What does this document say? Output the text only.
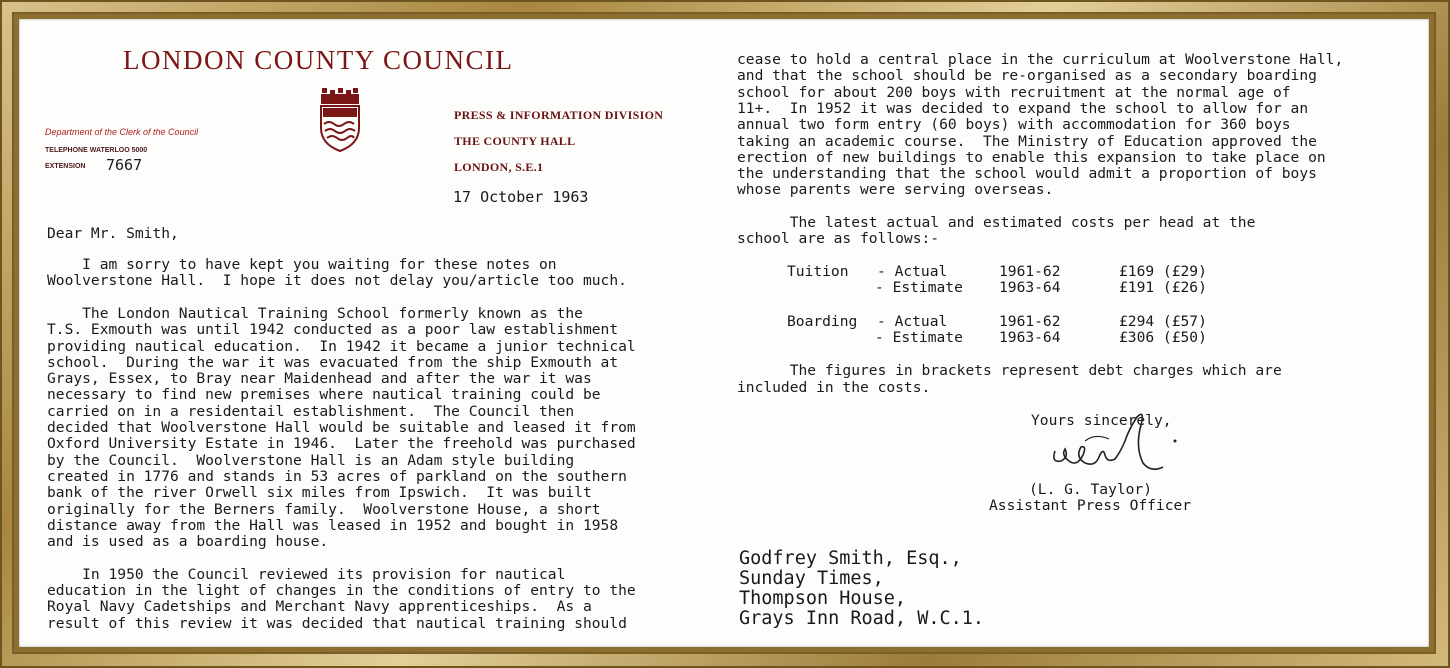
LONDON COUNTY COUNCIL
Department of the Clerk of the Council
TELEPHONE WATERLOO 5000
EXTENSION 7667
PRESS & INFORMATION DIVISION
THE COUNTY HALL
LONDON, S.E.1
17 October 1963
Dear Mr. Smith,
I am sorry to have kept you waiting for these notes on
Woolverstone Hall.  I hope it does not delay you/article too much.
The London Nautical Training School formerly known as the
T.S. Exmouth was until 1942 conducted as a poor law establishment
providing nautical education.  In 1942 it became a junior technical
school.  During the war it was evacuated from the ship Exmouth at
Grays, Essex, to Bray near Maidenhead and after the war it was
necessary to find new premises where nautical training could be
carried on in a residentail establishment.  The Council then
decided that Woolverstone Hall would be suitable and leased it from
Oxford University Estate in 1946.  Later the freehold was purchased
by the Council.  Woolverstone Hall is an Adam style building
created in 1776 and stands in 53 acres of parkland on the southern
bank of the river Orwell six miles from Ipswich.  It was built
originally for the Berners family.  Woolverstone House, a short
distance away from the Hall was leased in 1952 and bought in 1958
and is used as a boarding house.
In 1950 the Council reviewed its provision for nautical
education in the light of changes in the conditions of entry to the
Royal Navy Cadetships and Merchant Navy apprenticeships.  As a
result of this review it was decided that nautical training should
cease to hold a central place in the curriculum at Woolverstone Hall,
and that the school should be re-organised as a secondary boarding
school for about 200 boys with recruitment at the normal age of
11+.  In 1952 it was decided to expand the school to allow for an
annual two form entry (60 boys) with accommodation for 360 boys
taking an academic course.  The Ministry of Education approved the
erection of new buildings to enable this expansion to take place on
the understanding that the school would admit a proportion of boys
whose parents were serving overseas.
The latest actual and estimated costs per head at the
school are as follows:-
Tuition - Actual	1961-62	£169 (£29)
- Estimate 1963-64	£191 (£26)
Boarding - Actual	1961-62	£294 (£57)
- Estimate 1963-64	£306 (£50)
The figures in brackets represent debt charges which are
included in the costs.
Yours sincerely,
(L. G. Taylor)
Assistant Press Officer
Godfrey Smith, Esq.,
Sunday Times,
Thompson House,
Grays Inn Road, W.C.1.
